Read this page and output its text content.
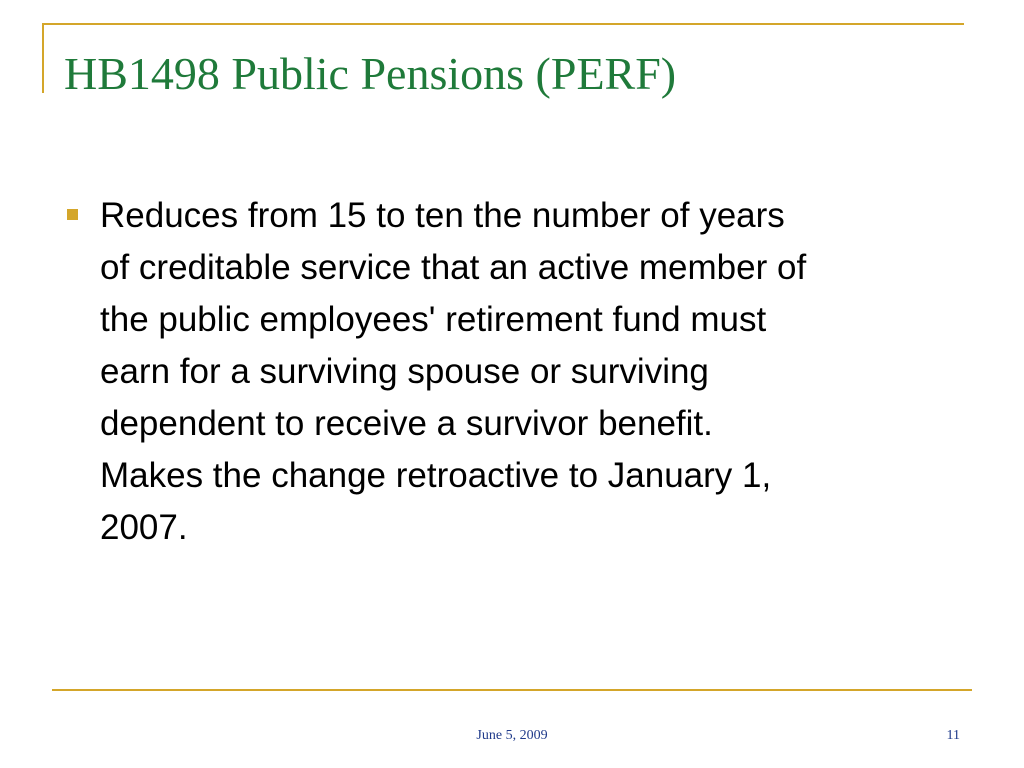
HB1498 Public Pensions (PERF)
Reduces from 15 to ten the number of years
of creditable service that an active member of
the public employees' retirement fund must
earn for a surviving spouse or surviving
dependent to receive a survivor benefit.
Makes the change retroactive to January 1,
2007.
June 5, 2009	11
